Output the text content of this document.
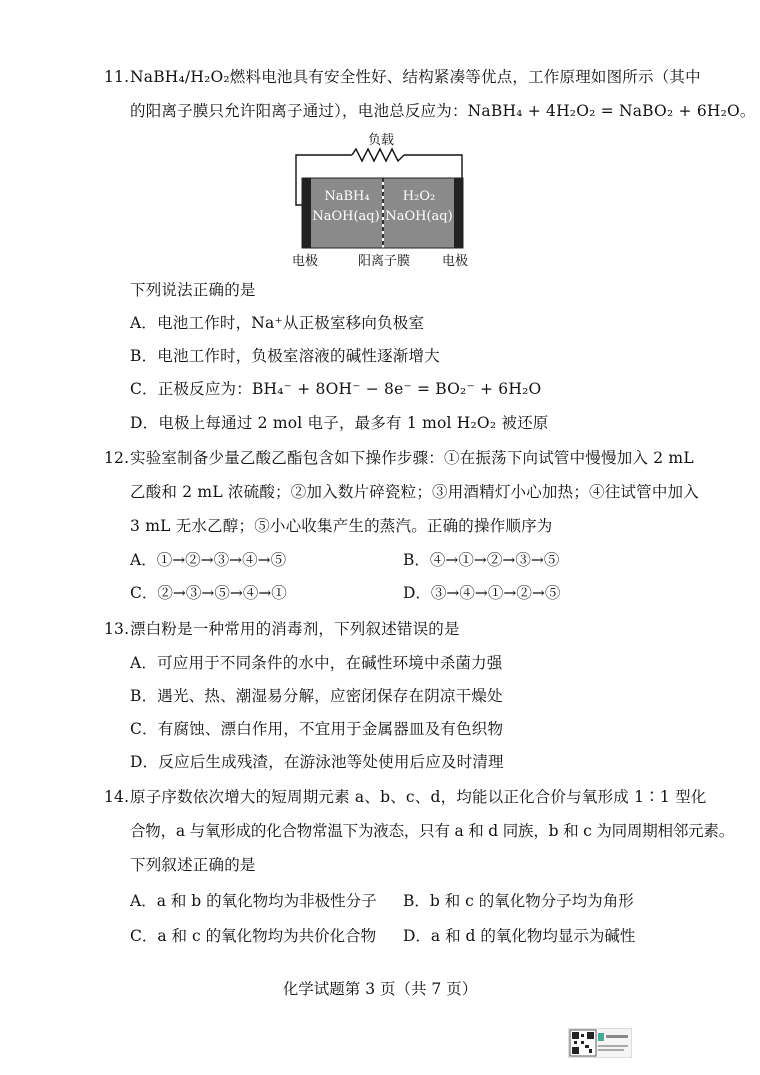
11.NaBH₄/H₂O₂燃料电池具有安全性好、结构紧凑等优点，工作原理如图所示（其中
的阳离子膜只允许阳离子通过），电池总反应为：NaBH₄ + 4H₂O₂ = NaBO₂ + 6H₂O。
负载
NaBH₄
NaOH(aq)
H₂O₂
NaOH(aq)
电极	阳离子膜 电极
下列说法正确的是
A．电池工作时，Na⁺从正极室移向负极室
B．电池工作时，负极室溶液的碱性逐渐增大
C．正极反应为：BH₄⁻ + 8OH⁻ − 8e⁻ = BO₂⁻ + 6H₂O
D．电极上每通过 2 mol 电子，最多有 1 mol H₂O₂ 被还原
12.实验室制备少量乙酸乙酯包含如下操作步骤：①在振荡下向试管中慢慢加入 2 mL
乙酸和 2 mL 浓硫酸；②加入数片碎瓷粒；③用酒精灯小心加热；④往试管中加入
3 mL 无水乙醇；⑤小心收集产生的蒸汽。正确的操作顺序为
A．①→②→③→④→⑤	B．④→①→②→③→⑤
C．②→③→⑤→④→①	D．③→④→①→②→⑤
13.漂白粉是一种常用的消毒剂，下列叙述错误的是
A．可应用于不同条件的水中，在碱性环境中杀菌力强
B．遇光、热、潮湿易分解，应密闭保存在阴凉干燥处
C．有腐蚀、漂白作用，不宜用于金属器皿及有色织物
D．反应后生成残渣，在游泳池等处使用后应及时清理
14.原子序数依次增大的短周期元素 a、b、c、d，均能以正化合价与氧形成 1∶1 型化
合物，a 与氧形成的化合物常温下为液态，只有 a 和 d 同族，b 和 c 为同周期相邻元素。
下列叙述正确的是
A．a 和 b 的氧化物均为非极性分子 B．b 和 c 的氧化物分子均为角形
C．a 和 c 的氧化物均为共价化合物 D．a 和 d 的氧化物均显示为碱性
化学试题第 3 页（共 7 页）
